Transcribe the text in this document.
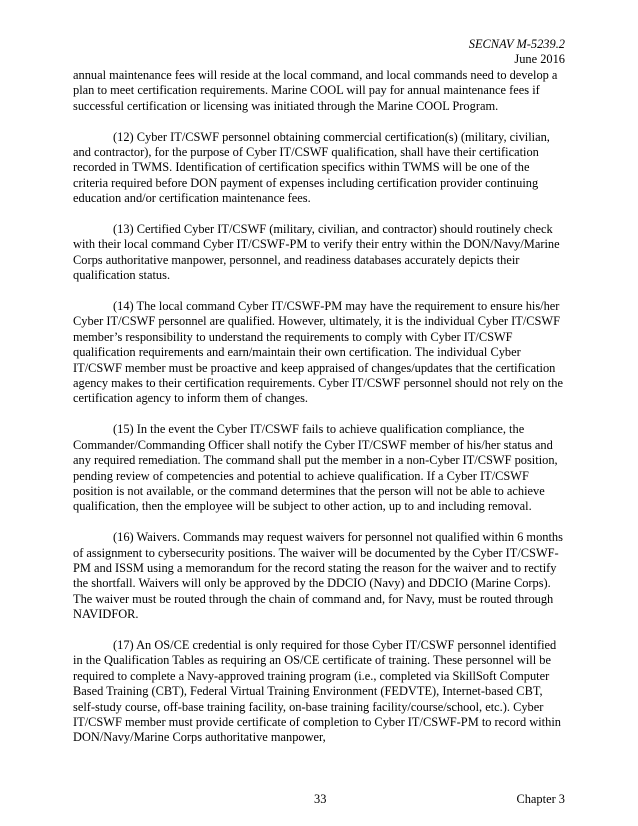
SECNAV M-5239.2
June 2016

annual maintenance fees will reside at the local command, and local commands need to develop a plan to meet certification requirements. Marine COOL will pay for annual maintenance fees if successful certification or licensing was initiated through the Marine COOL Program.

(12) Cyber IT/CSWF personnel obtaining commercial certification(s) (military, civilian, and contractor), for the purpose of Cyber IT/CSWF qualification, shall have their certification recorded in TWMS. Identification of certification specifics within TWMS will be one of the criteria required before DON payment of expenses including certification provider continuing education and/or certification maintenance fees.

(13) Certified Cyber IT/CSWF (military, civilian, and contractor) should routinely check with their local command Cyber IT/CSWF-PM to verify their entry within the DON/Navy/Marine Corps authoritative manpower, personnel, and readiness databases accurately depicts their qualification status.

(14) The local command Cyber IT/CSWF-PM may have the requirement to ensure his/her Cyber IT/CSWF personnel are qualified. However, ultimately, it is the individual Cyber IT/CSWF member’s responsibility to understand the requirements to comply with Cyber IT/CSWF qualification requirements and earn/maintain their own certification. The individual Cyber IT/CSWF member must be proactive and keep appraised of changes/updates that the certification agency makes to their certification requirements. Cyber IT/CSWF personnel should not rely on the certification agency to inform them of changes.

(15) In the event the Cyber IT/CSWF fails to achieve qualification compliance, the Commander/Commanding Officer shall notify the Cyber IT/CSWF member of his/her status and any required remediation. The command shall put the member in a non-Cyber IT/CSWF position, pending review of competencies and potential to achieve qualification. If a Cyber IT/CSWF position is not available, or the command determines that the person will not be able to achieve qualification, then the employee will be subject to other action, up to and including removal.

(16) Waivers. Commands may request waivers for personnel not qualified within 6 months of assignment to cybersecurity positions. The waiver will be documented by the Cyber IT/CSWF-PM and ISSM using a memorandum for the record stating the reason for the waiver and to rectify the shortfall. Waivers will only be approved by the DDCIO (Navy) and DDCIO (Marine Corps). The waiver must be routed through the chain of command and, for Navy, must be routed through NAVIDFOR.

(17) An OS/CE credential is only required for those Cyber IT/CSWF personnel identified in the Qualification Tables as requiring an OS/CE certificate of training. These personnel will be required to complete a Navy-approved training program (i.e., completed via SkillSoft Computer Based Training (CBT), Federal Virtual Training Environment (FEDVTE), Internet-based CBT, self-study course, off-base training facility, on-base training facility/course/school, etc.). Cyber IT/CSWF member must provide certificate of completion to Cyber IT/CSWF-PM to record within DON/Navy/Marine Corps authoritative manpower,

33	Chapter 3
